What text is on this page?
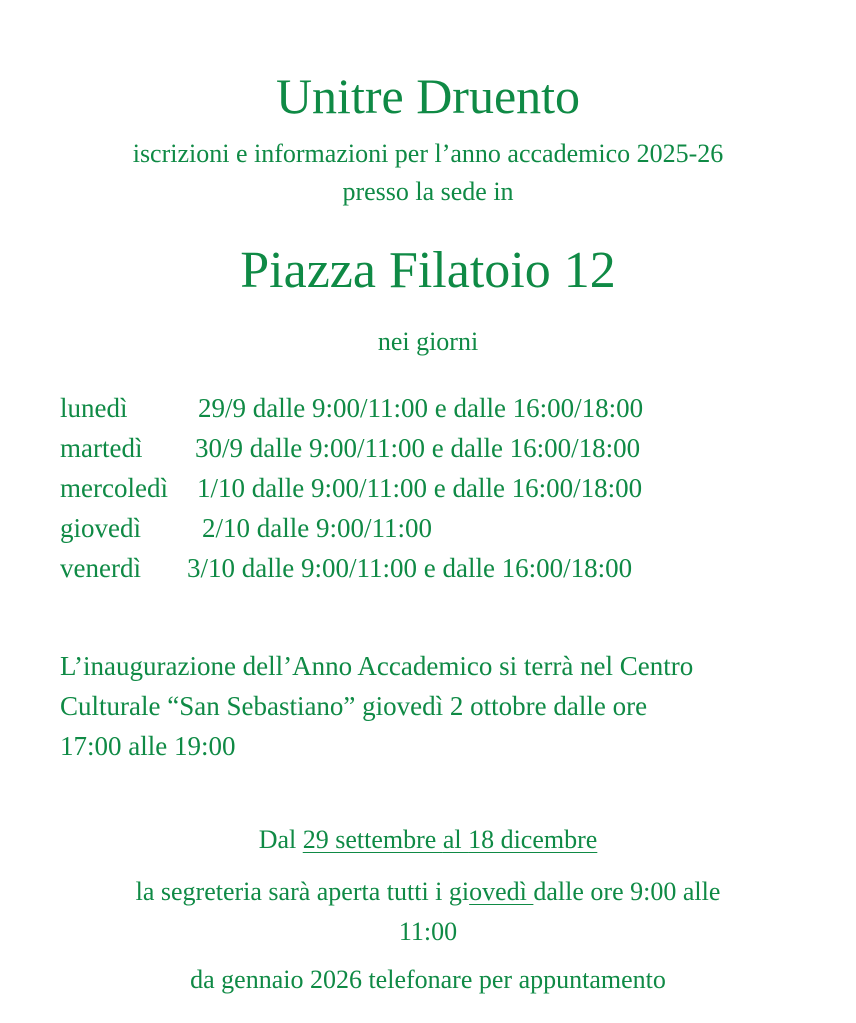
Unitre Druento
iscrizioni e informazioni per l’anno accademico 2025-26
presso la sede in
Piazza Filatoio 12
nei giorni
lunedì	29/9 dalle 9:00/11:00 e dalle 16:00/18:00
martedì 30/9 dalle 9:00/11:00 e dalle 16:00/18:00
mercoledì 1/10 dalle 9:00/11:00 e dalle 16:00/18:00
giovedì 2/10 dalle 9:00/11:00
venerdì 3/10 dalle 9:00/11:00 e dalle 16:00/18:00
L’inaugurazione dell’Anno Accademico si terrà nel Centro
Culturale “San Sebastiano” giovedì 2 ottobre dalle ore
17:00 alle 19:00
Dal 29 settembre al 18 dicembre
la segreteria sarà aperta tutti i giovedì dalle ore 9:00 alle
11:00
da gennaio 2026 telefonare per appuntamento
